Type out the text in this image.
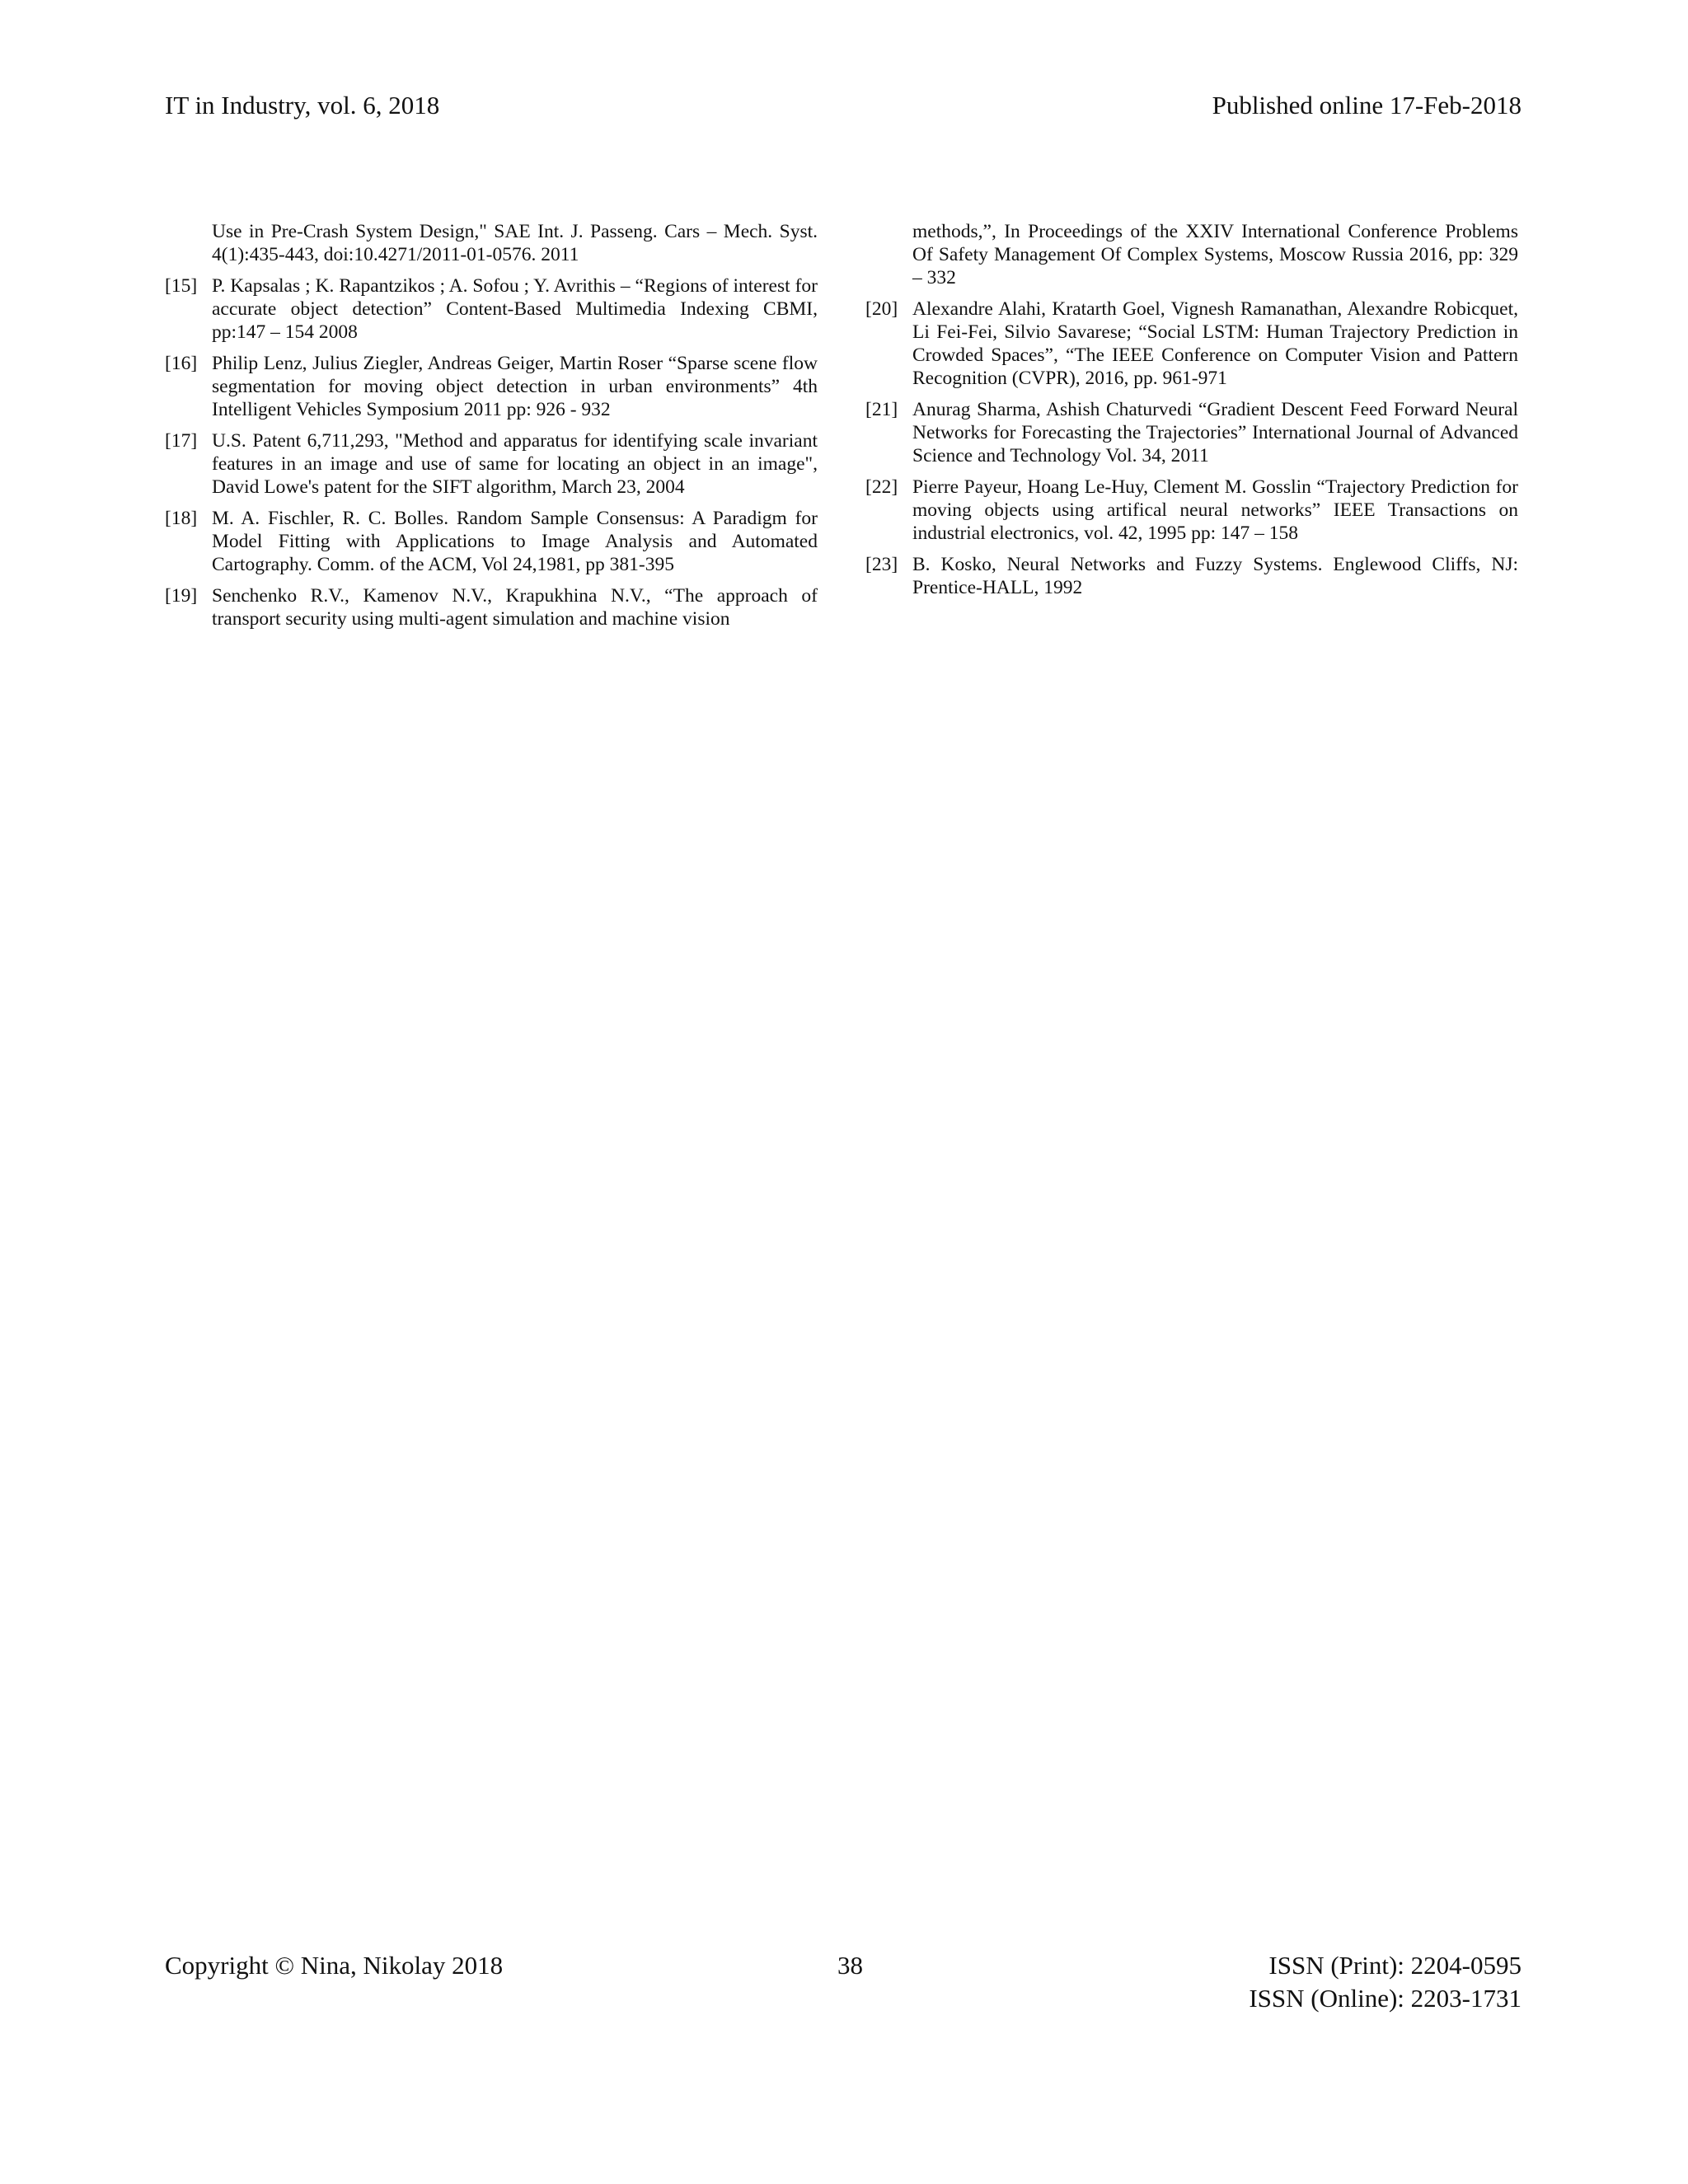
IT in Industry, vol. 6, 2018	Published online 17-Feb-2018
Use in Pre-Crash System Design," SAE Int. J. Passeng. Cars – Mech. Syst. 4(1):435-443, doi:10.4271/2011-01-0576. 2011
[15] P. Kapsalas ; K. Rapantzikos ; A. Sofou ; Y. Avrithis – “Regions of interest for accurate object detection” Content-Based Multimedia Indexing CBMI, pp:147 – 154 2008
[16] Philip Lenz, Julius Ziegler, Andreas Geiger, Martin Roser “Sparse scene flow segmentation for moving object detection in urban environments” 4th Intelligent Vehicles Symposium 2011 pp: 926 - 932
[17] U.S. Patent 6,711,293, "Method and apparatus for identifying scale invariant features in an image and use of same for locating an object in an image", David Lowe's patent for the SIFT algorithm, March 23, 2004
[18] M. A. Fischler, R. C. Bolles. Random Sample Consensus: A Paradigm for Model Fitting with Applications to Image Analysis and Automated Cartography. Comm. of the ACM, Vol 24,1981, pp 381-395
[19] Senchenko R.V., Kamenov N.V., Krapukhina N.V., “The approach of transport security using multi-agent simulation and machine vision
methods,”, In Proceedings of the XXIV International Conference Problems Of Safety Management Of Complex Systems, Moscow Russia 2016, pp: 329 – 332
[20] Alexandre Alahi, Kratarth Goel, Vignesh Ramanathan, Alexandre Robicquet, Li Fei-Fei, Silvio Savarese; “Social LSTM: Human Trajectory Prediction in Crowded Spaces”, “The IEEE Conference on Computer Vision and Pattern Recognition (CVPR), 2016, pp. 961-971
[21] Anurag Sharma, Ashish Chaturvedi “Gradient Descent Feed Forward Neural Networks for Forecasting the Trajectories” International Journal of Advanced Science and Technology Vol. 34, 2011
[22] Pierre Payeur, Hoang Le-Huy, Clement M. Gosslin “Trajectory Prediction for moving objects using artifical neural networks” IEEE Transactions on industrial electronics, vol. 42, 1995 pp: 147 – 158
[23] B. Kosko, Neural Networks and Fuzzy Systems. Englewood Cliffs, NJ: Prentice-HALL, 1992
Copyright © Nina, Nikolay 2018	38	ISSN (Print): 2204-0595
ISSN (Online): 2203-1731
